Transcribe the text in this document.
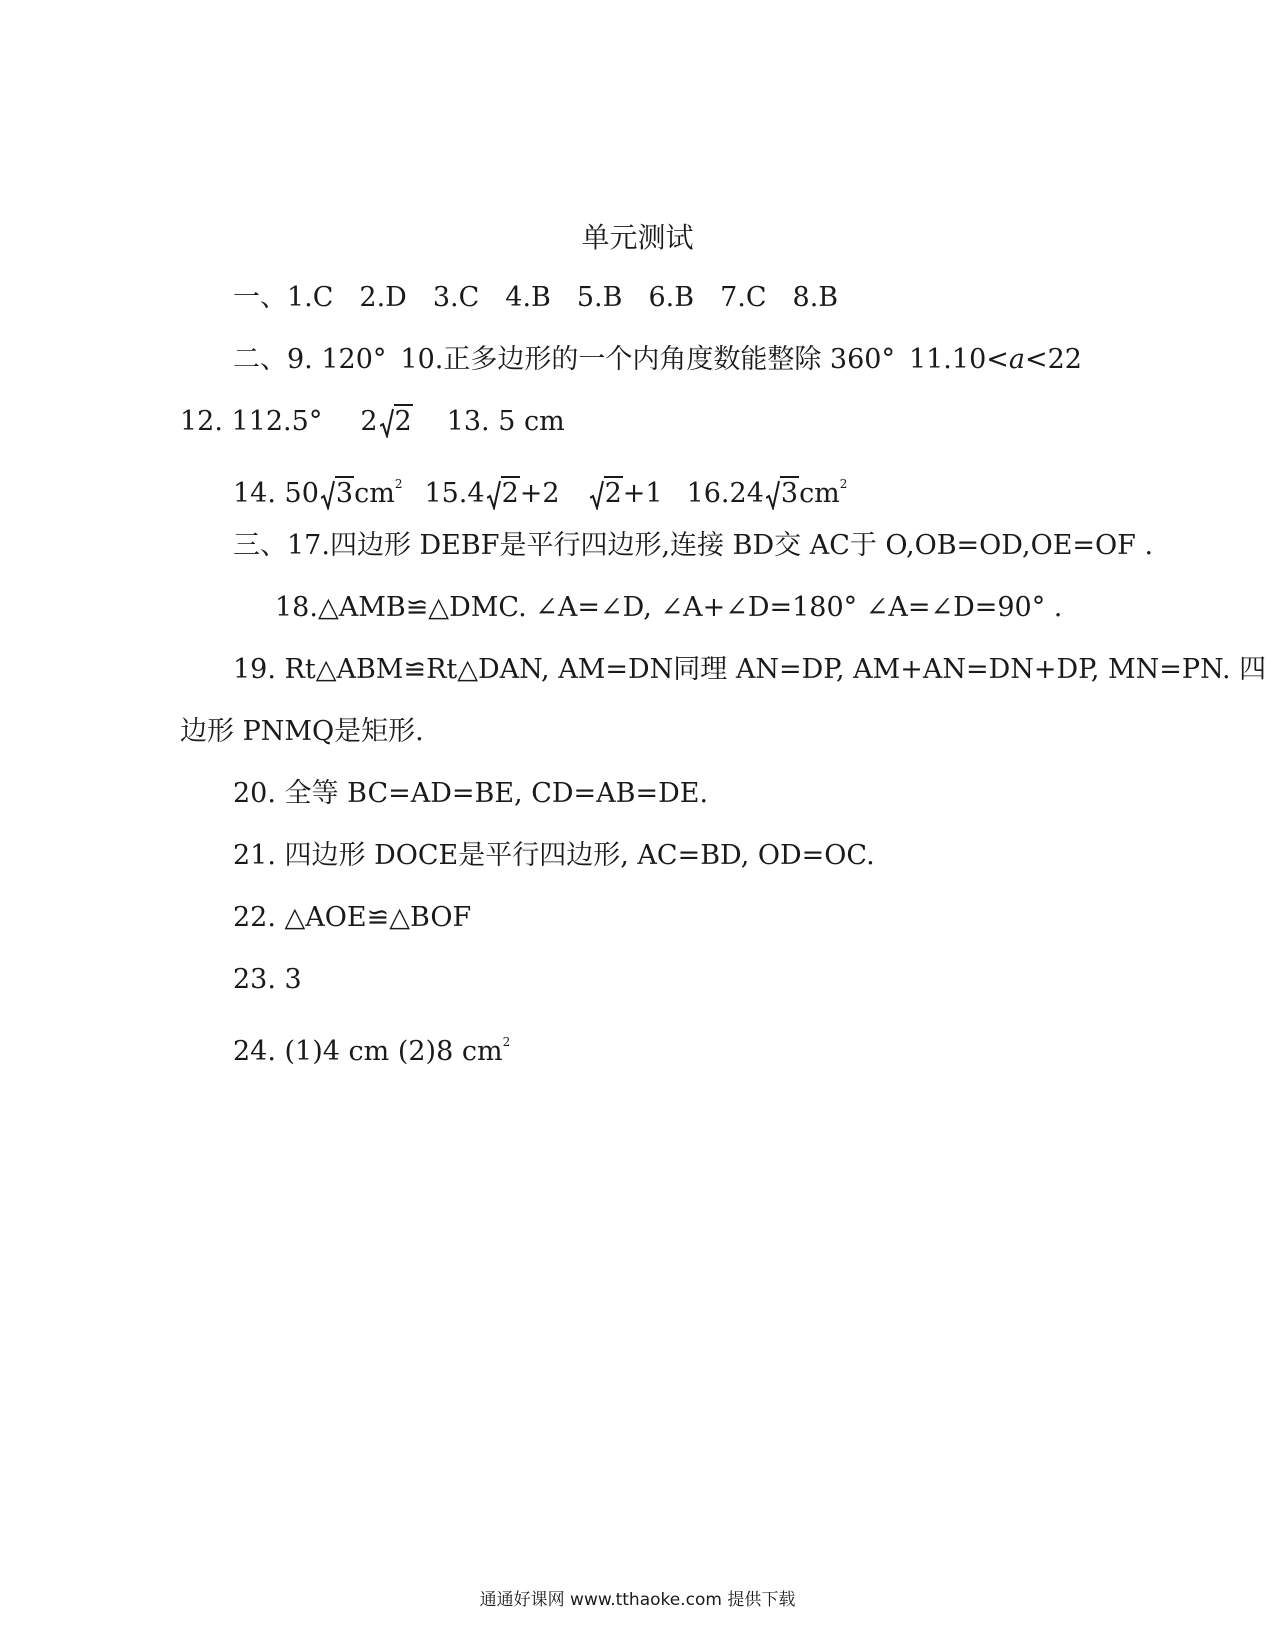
单元测试
一、1.C 2.D 3.C 4.B 5.B 6.B 7.C 8.B
二、9. 120° 10.正多边形的一个内角度数能整除 360° 11.10<a<22
12. 112.5° 2 2 13. 5 cm
14. 50 $3cm^2$ 15.4 2+2 2+1 16.24 $3cm^2$
三、17.四边形 DEBF是平行四边形,连接 BD交 AC于 O,OB=OD,OE=OF .
18.△AMB≌△DMC. ∠A=∠D, ∠A+∠D=180° ∠A=∠D=90° .
19. Rt△ABM≌Rt△DAN, AM=DN同理 AN=DP, AM+AN=DN+DP, MN=PN. 四
边形 PNMQ是矩形.
20. 全等 BC=AD=BE, CD=AB=DE.
21. 四边形 DOCE是平行四边形, AC=BD, OD=OC.
22. △AOE≌△BOF
23. 3
24. (1)4 cm (2)8 $cm^2$
通通好课网 www.tthaoke.com 提供下载
